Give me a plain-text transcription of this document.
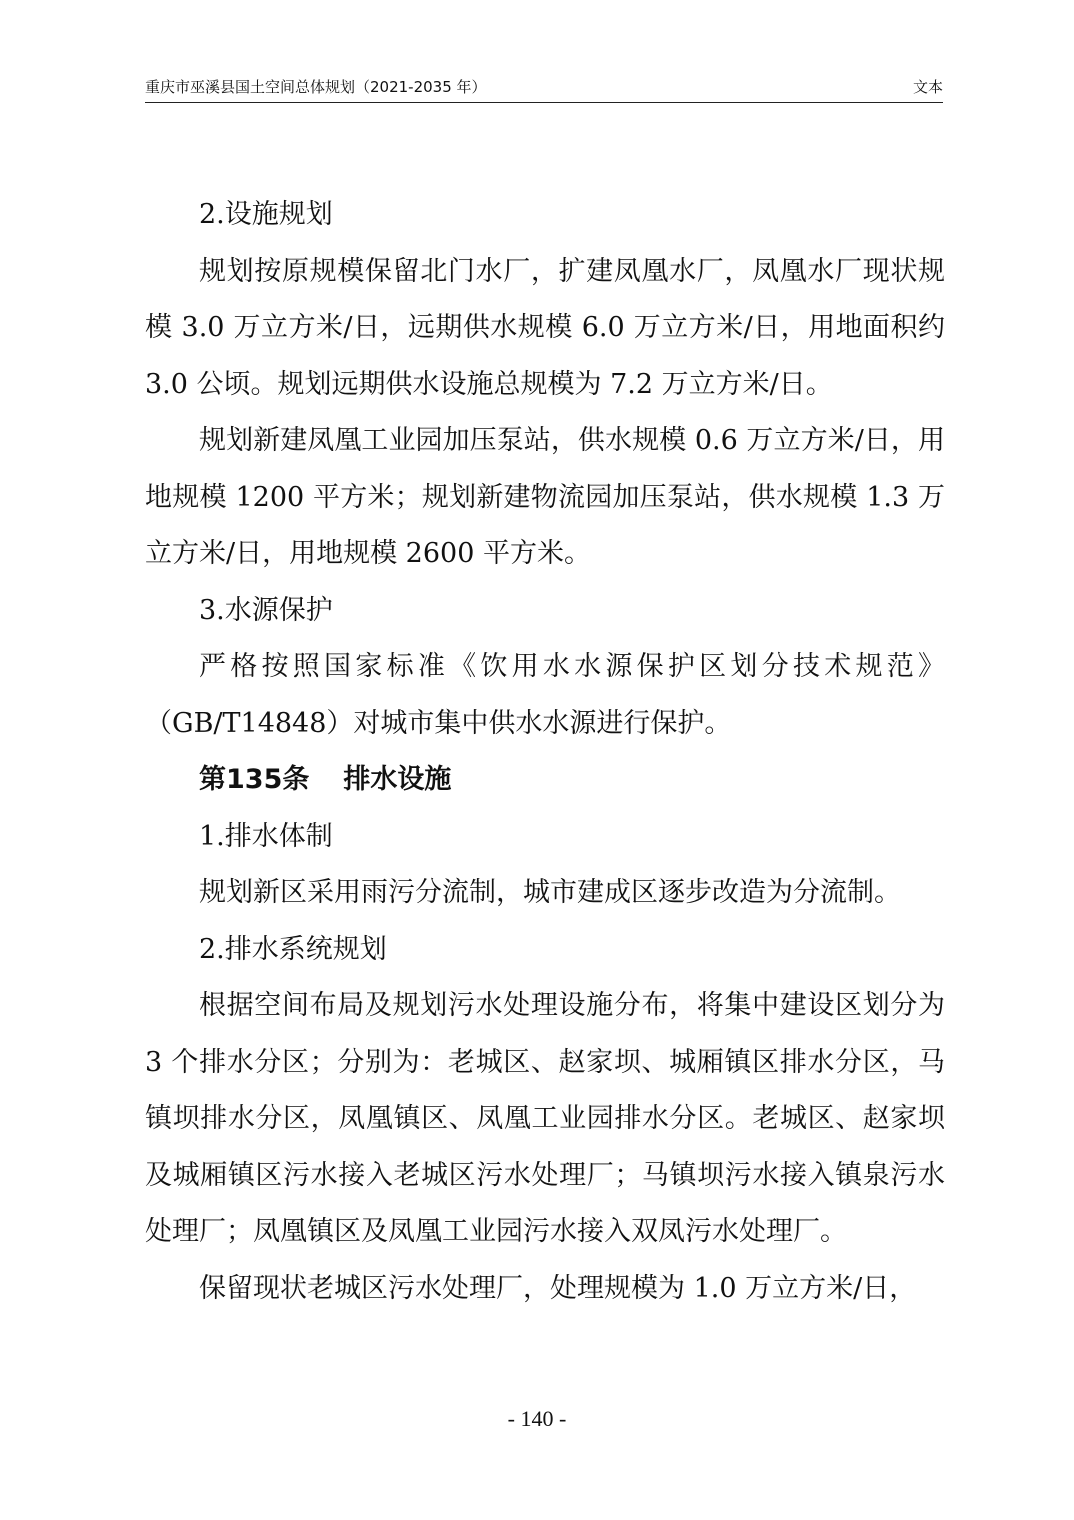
重庆市巫溪县国土空间总体规划（2021-2035 年）	文本

2.设施规划

规划按原规模保留北门水厂，扩建凤凰水厂，凤凰水厂现状规模 3.0 万立方米/日，远期供水规模 6.0 万立方米/日，用地面积约 3.0 公顷。规划远期供水设施总规模为 7.2 万立方米/日。

规划新建凤凰工业园加压泵站，供水规模 0.6 万立方米/日，用地规模 1200 平方米；规划新建物流园加压泵站，供水规模 1.3 万立方米/日，用地规模 2600 平方米。

3.水源保护

严格按照国家标准《饮用水水源保护区划分技术规范》（GB/T14848）对城市集中供水水源进行保护。

第135条 排水设施

1.排水体制

规划新区采用雨污分流制，城市建成区逐步改造为分流制。

2.排水系统规划

根据空间布局及规划污水处理设施分布，将集中建设区划分为 3 个排水分区；分别为：老城区、赵家坝、城厢镇区排水分区，马镇坝排水分区，凤凰镇区、凤凰工业园排水分区。老城区、赵家坝及城厢镇区污水接入老城区污水处理厂；马镇坝污水接入镇泉污水处理厂；凤凰镇区及凤凰工业园污水接入双凤污水处理厂。

保留现状老城区污水处理厂，处理规模为 1.0 万立方米/日，

- 140 -
